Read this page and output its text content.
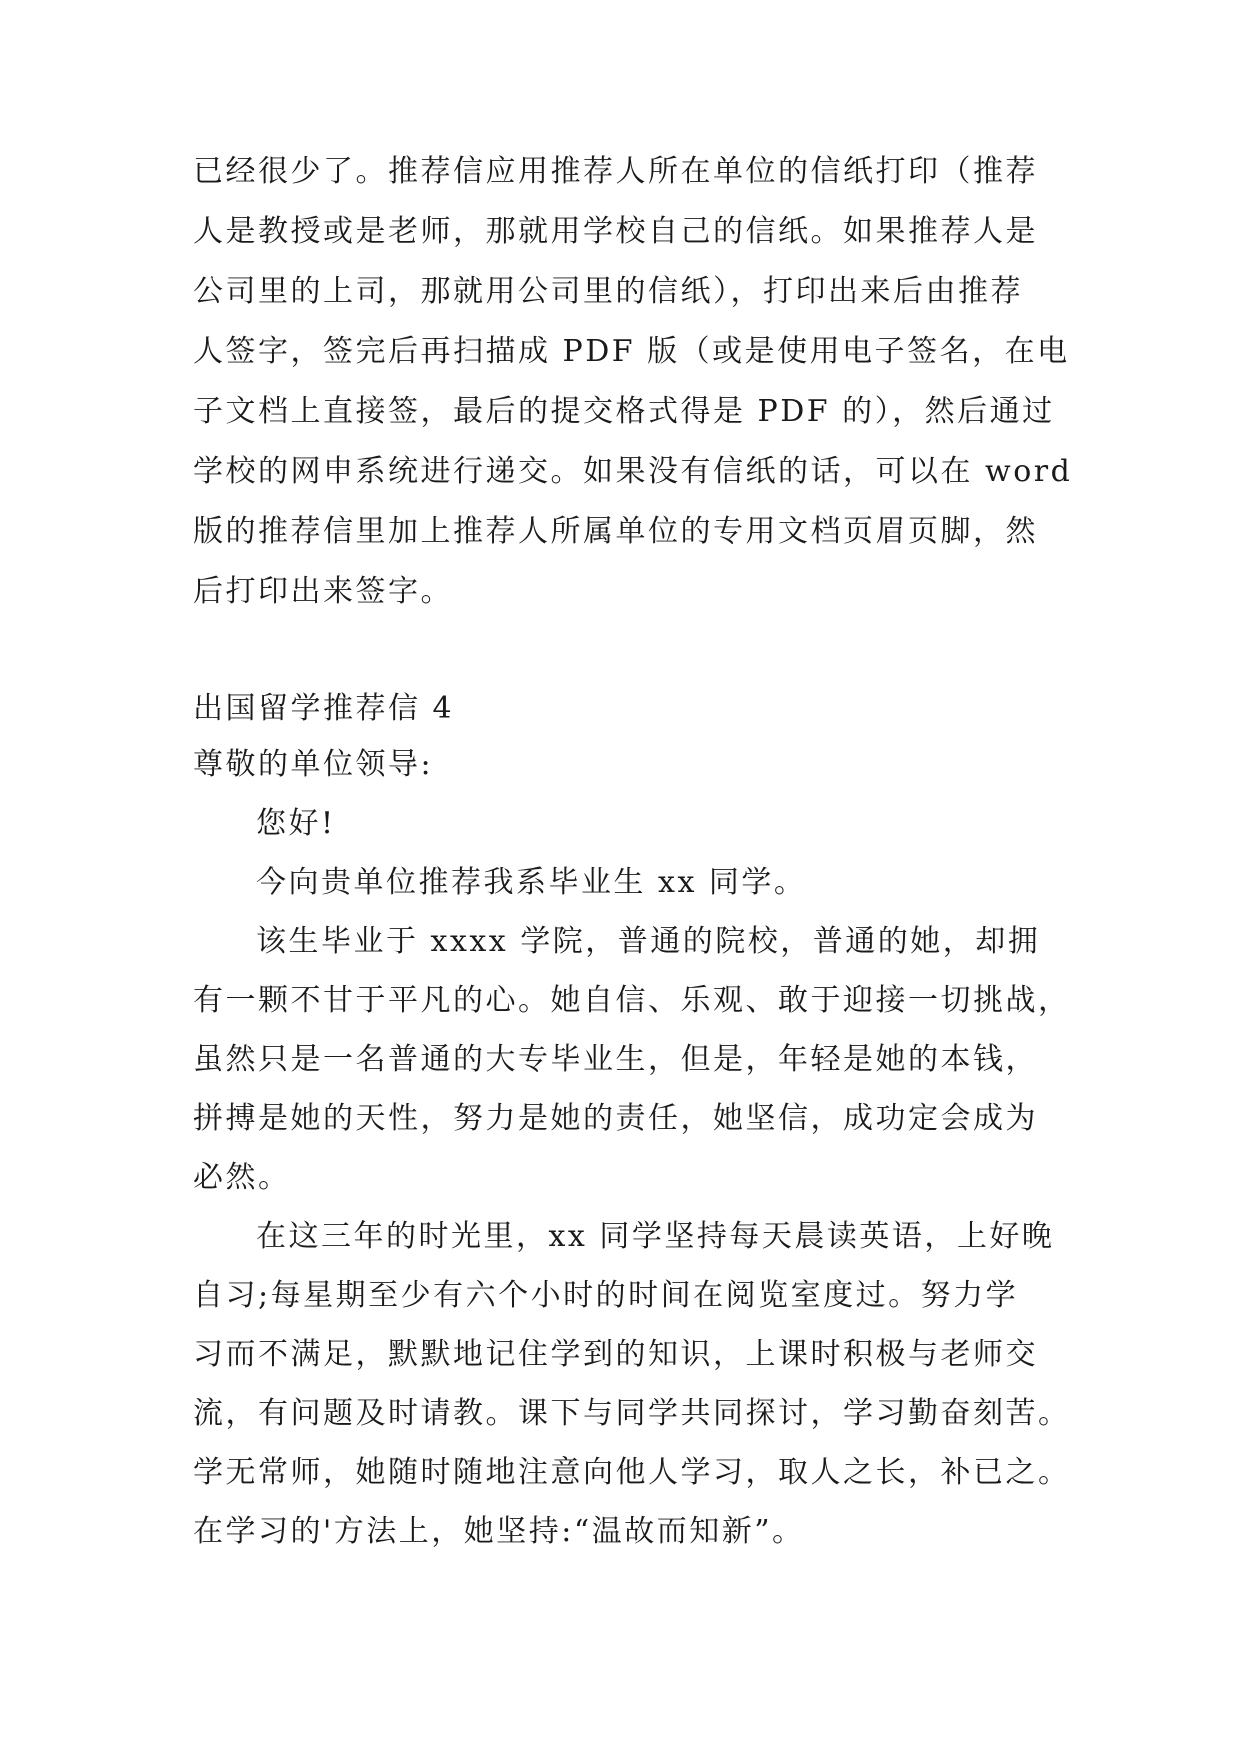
已经很少了。推荐信应用推荐人所在单位的信纸打印（推荐
人是教授或是老师，那就用学校自己的信纸。如果推荐人是
公司里的上司，那就用公司里的信纸），打印出来后由推荐
人签字，签完后再扫描成 PDF 版（或是使用电子签名，在电
子文档上直接签，最后的提交格式得是 PDF 的），然后通过
学校的网申系统进行递交。如果没有信纸的话，可以在 word
版的推荐信里加上推荐人所属单位的专用文档页眉页脚，然
后打印出来签字。
出国留学推荐信 4
尊敬的单位领导:
您好!
今向贵单位推荐我系毕业生 xx 同学。
该生毕业于 xxxx 学院，普通的院校，普通的她，却拥
有一颗不甘于平凡的心。她自信、乐观、敢于迎接一切挑战，
虽然只是一名普通的大专毕业生，但是，年轻是她的本钱，
拼搏是她的天性，努力是她的责任，她坚信，成功定会成为
必然。
在这三年的时光里，xx 同学坚持每天晨读英语，上好晚
自习;每星期至少有六个小时的时间在阅览室度过。努力学
习而不满足，默默地记住学到的知识，上课时积极与老师交
流，有问题及时请教。课下与同学共同探讨，学习勤奋刻苦。
学无常师，她随时随地注意向他人学习，取人之长，补已之。
在学习的'方法上，她坚持:“温故而知新”。
